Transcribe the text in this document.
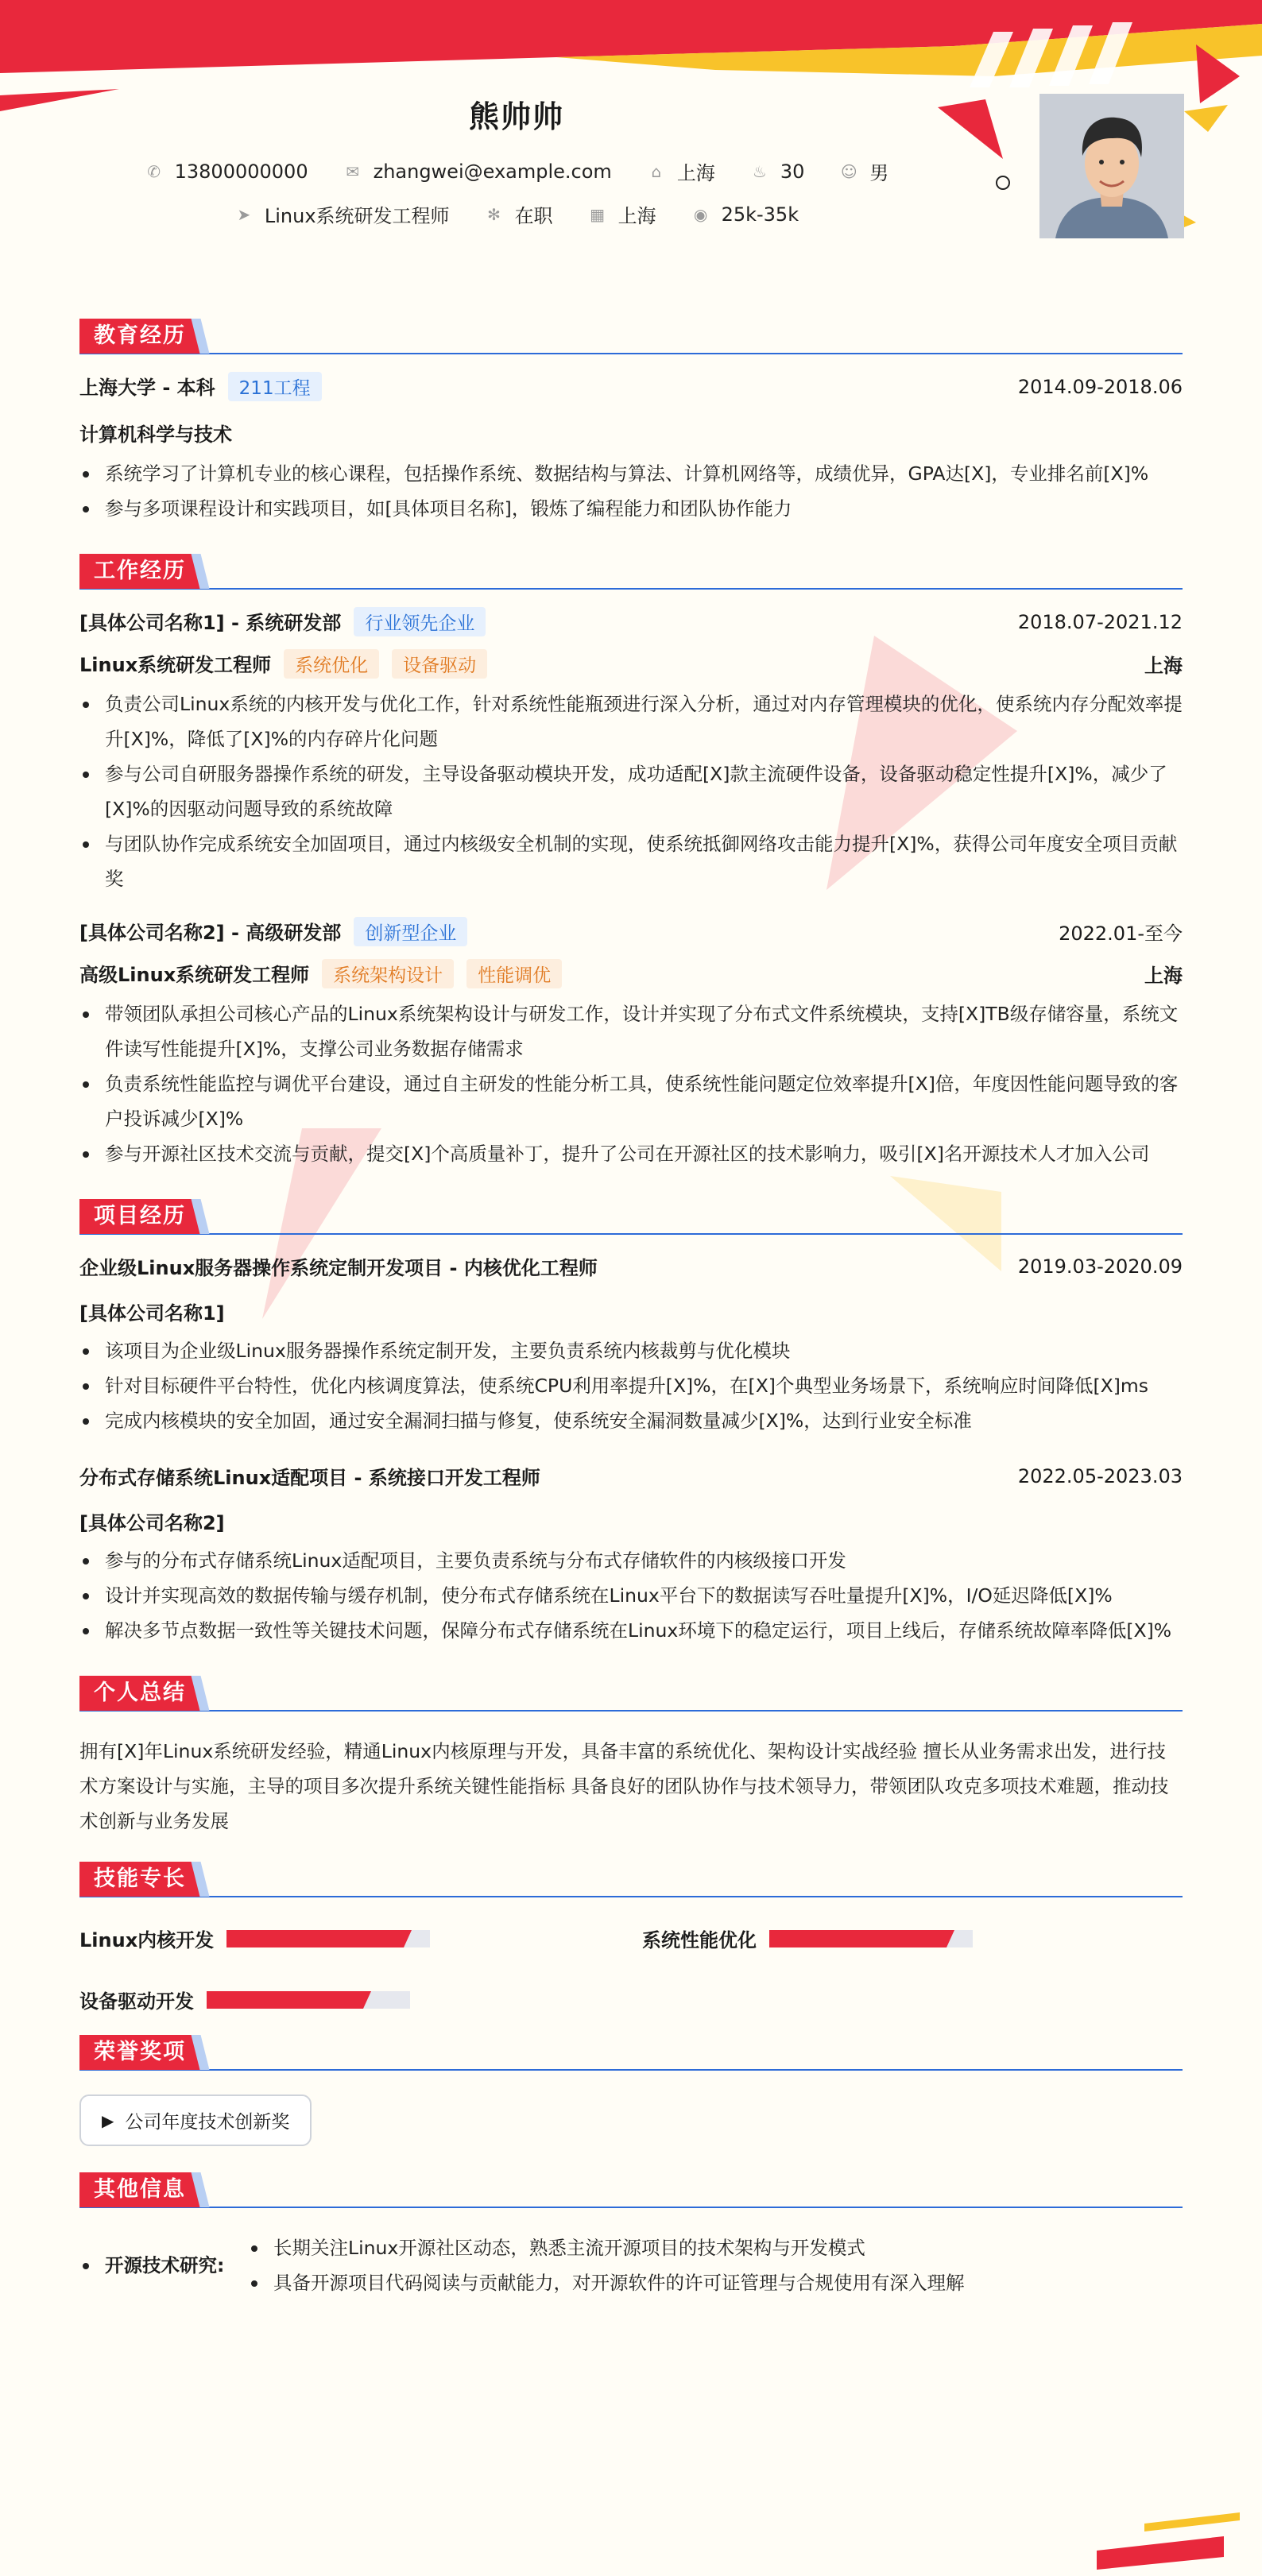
熊帅帅
✆ 13800000000 ✉ zhangwei@example.com ⌂ 上海 ♨ 30 ☺ 男
➤ Linux系统研发工程师 ✻ 在职 ▦ 上海 ◉ 25k-35k
教育经历
上海大学 - 本科 211工程	2014.09-2018.06
计算机科学与技术
系统学习了计算机专业的核心课程，包括操作系统、数据结构与算法、计算机网络等，成绩优异，GPA达[X]，专业排名前[X]%
参与多项课程设计和实践项目，如[具体项目名称]，锻炼了编程能力和团队协作能力
工作经历
[具体公司名称1] - 系统研发部 行业领先企业	2018.07-2021.12
Linux系统研发工程师 系统优化 设备驱动	上海
负责公司Linux系统的内核开发与优化工作，针对系统性能瓶颈进行深入分析，通过对内存管理模块的优化，使系统内存分配效率提升[X]%，降低了[X]%的内存碎片化问题
参与公司自研服务器操作系统的研发，主导设备驱动模块开发，成功适配[X]款主流硬件设备，设备驱动稳定性提升[X]%，减少了[X]%的因驱动问题导致的系统故障
与团队协作完成系统安全加固项目，通过内核级安全机制的实现，使系统抵御网络攻击能力提升[X]%，获得公司年度安全项目贡献奖
[具体公司名称2] - 高级研发部 创新型企业	2022.01-至今
高级Linux系统研发工程师 系统架构设计 性能调优	上海
带领团队承担公司核心产品的Linux系统架构设计与研发工作，设计并实现了分布式文件系统模块，支持[X]TB级存储容量，系统文件读写性能提升[X]%，支撑公司业务数据存储需求
负责系统性能监控与调优平台建设，通过自主研发的性能分析工具，使系统性能问题定位效率提升[X]倍，年度因性能问题导致的客户投诉减少[X]%
参与开源社区技术交流与贡献，提交[X]个高质量补丁，提升了公司在开源社区的技术影响力，吸引[X]名开源技术人才加入公司
项目经历
企业级Linux服务器操作系统定制开发项目 - 内核优化工程师	2019.03-2020.09
[具体公司名称1]
该项目为企业级Linux服务器操作系统定制开发，主要负责系统内核裁剪与优化模块
针对目标硬件平台特性，优化内核调度算法，使系统CPU利用率提升[X]%，在[X]个典型业务场景下，系统响应时间降低[X]ms
完成内核模块的安全加固，通过安全漏洞扫描与修复，使系统安全漏洞数量减少[X]%，达到行业安全标准
分布式存储系统Linux适配项目 - 系统接口开发工程师	2022.05-2023.03
[具体公司名称2]
参与的分布式存储系统Linux适配项目，主要负责系统与分布式存储软件的内核级接口开发
设计并实现高效的数据传输与缓存机制，使分布式存储系统在Linux平台下的数据读写吞吐量提升[X]%，I/O延迟降低[X]%
解决多节点数据一致性等关键技术问题，保障分布式存储系统在Linux环境下的稳定运行，项目上线后，存储系统故障率降低[X]%
个人总结
拥有[X]年Linux系统研发经验，精通Linux内核原理与开发，具备丰富的系统优化、架构设计实战经验 擅长从业务需求出发，进行技术方案设计与实施，主导的项目多次提升系统关键性能指标 具备良好的团队协作与技术领导力，带领团队攻克多项技术难题，推动技术创新与业务发展
技能专长
Linux内核开发	系统性能优化
设备驱动开发
荣誉奖项
▶ 公司年度技术创新奖
其他信息
开源技术研究:
长期关注Linux开源社区动态，熟悉主流开源项目的技术架构与开发模式
具备开源项目代码阅读与贡献能力，对开源软件的许可证管理与合规使用有深入理解
